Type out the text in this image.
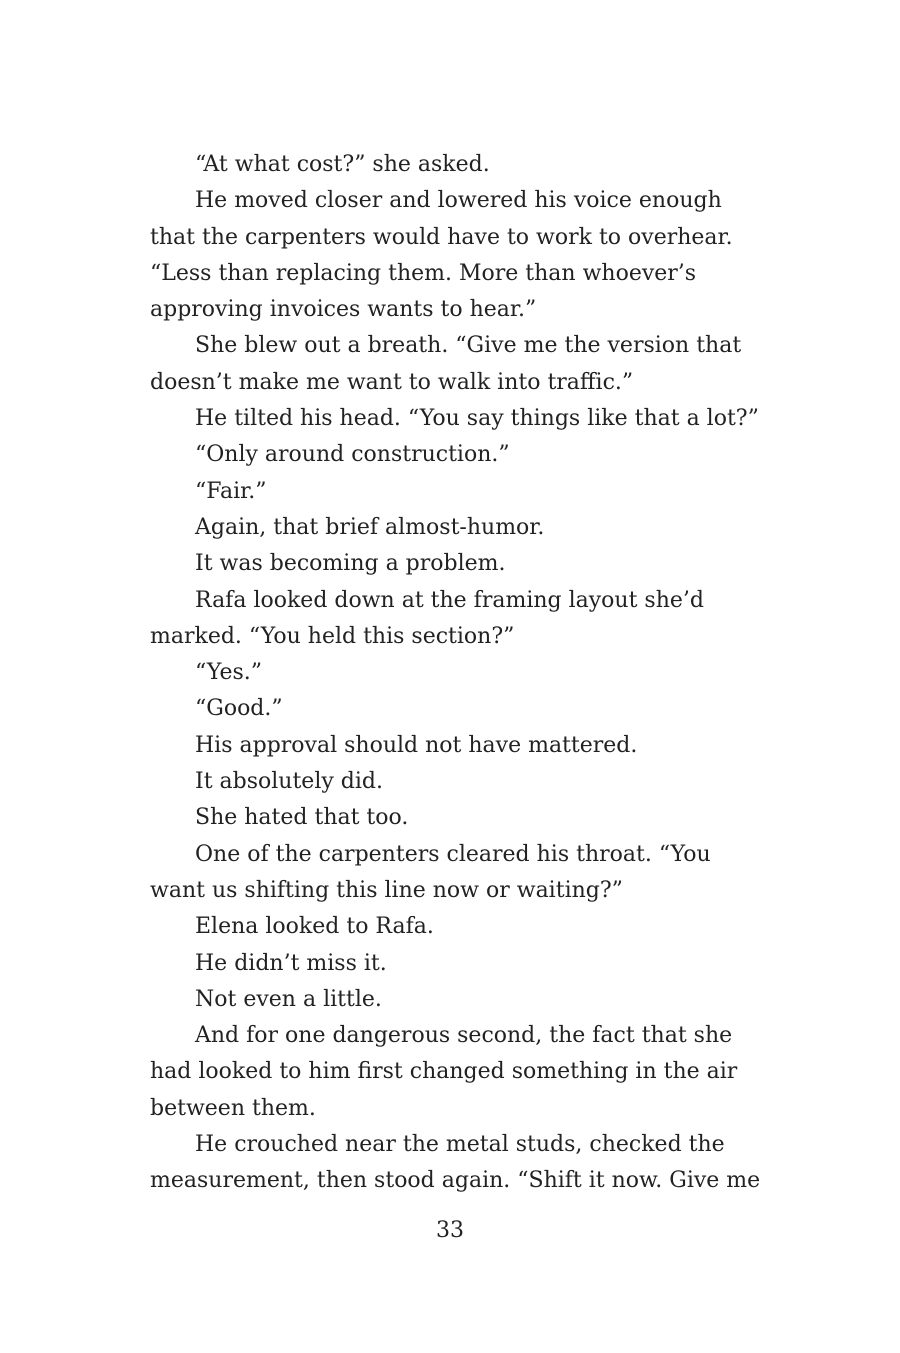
“At what cost?” she asked.

He moved closer and lowered his voice enough
that the carpenters would have to work to overhear.
“Less than replacing them. More than whoever’s
approving invoices wants to hear.”

She blew out a breath. “Give me the version that
doesn’t make me want to walk into traffic.”

He tilted his head. “You say things like that a lot?”

“Only around construction.”

“Fair.”

Again, that brief almost-humor.

It was becoming a problem.

Rafa looked down at the framing layout she’d
marked. “You held this section?”

“Yes.”

“Good.”

His approval should not have mattered.

It absolutely did.

She hated that too.

One of the carpenters cleared his throat. “You
want us shifting this line now or waiting?”

Elena looked to Rafa.

He didn’t miss it.

Not even a little.

And for one dangerous second, the fact that she
had looked to him first changed something in the air
between them.

He crouched near the metal studs, checked the
measurement, then stood again. “Shift it now. Give me

33
